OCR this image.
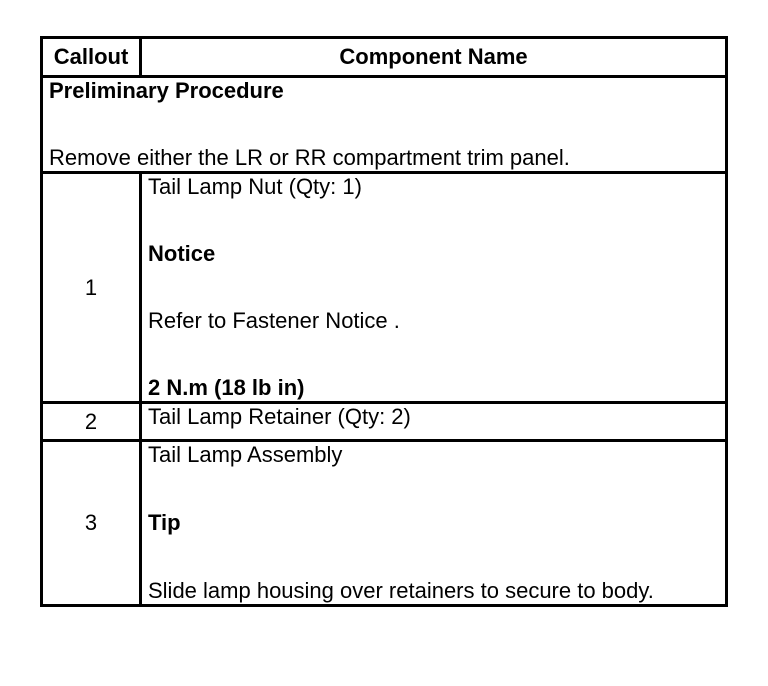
Callout	Component Name

Preliminary Procedure
Remove either the LR or RR compartment trim panel.	

1	Tail Lamp Nut (Qty: 1)
Notice
Refer to Fastener Notice .
2 N.m (18 lb in)

2	Tail Lamp Retainer (Qty: 2)
3	Tail Lamp Assembly
Tip
Slide lamp housing over retainers to secure to body.
